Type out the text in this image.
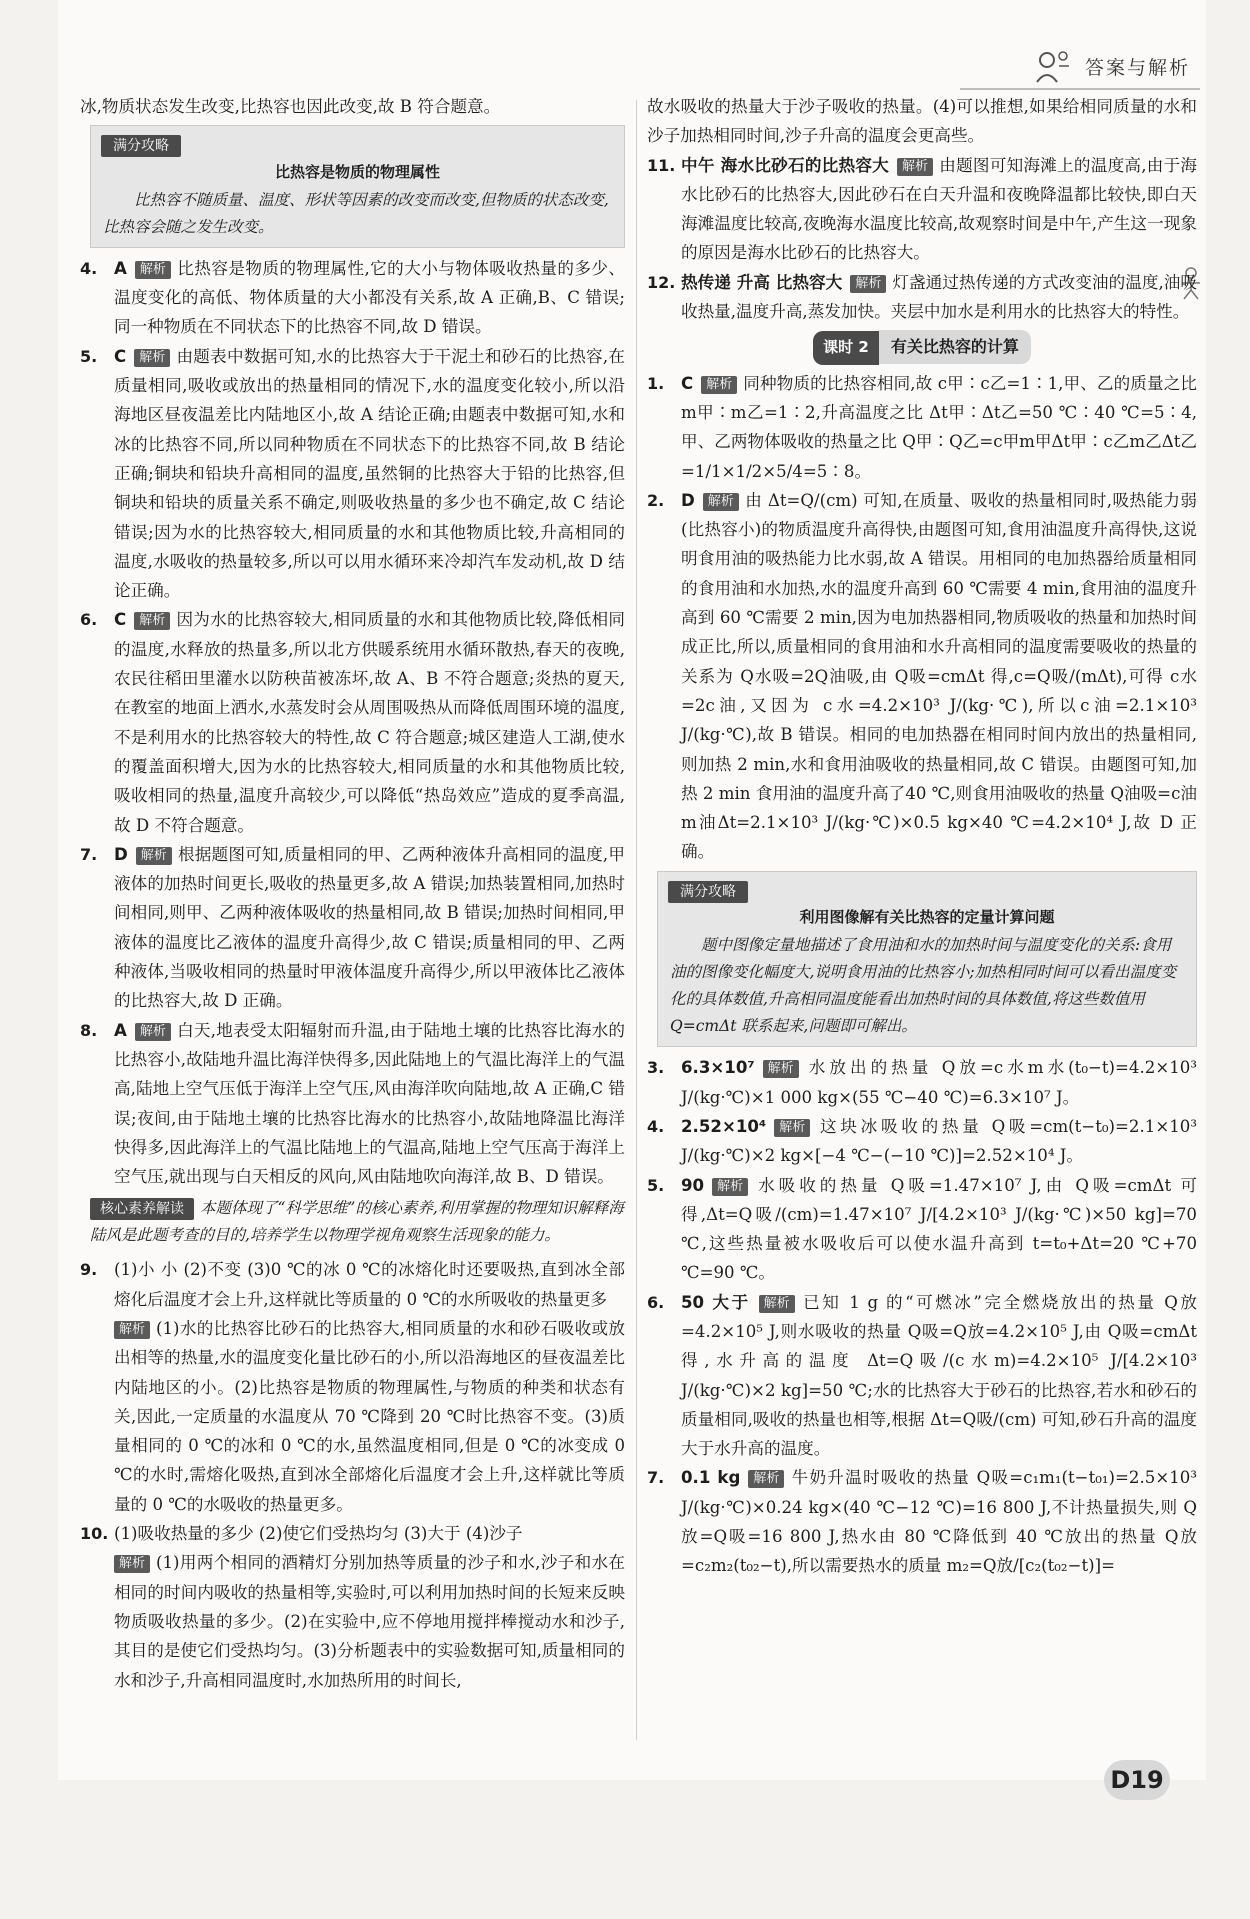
答案与解析

冰,物质状态发生改变,比热容也因此改变,故 B 符合题意。

满分攻略
比热容是物质的物理属性
比热容不随质量、温度、形状等因素的改变而改变,但物质的状态改变,比热容会随之发生改变。

4. A 解析 比热容是物质的物理属性,它的大小与物体吸收热量的多少、温度变化的高低、物体质量的大小都没有关系,故 A 正确,B、C 错误;同一种物质在不同状态下的比热容不同,故 D 错误。

5. C 解析 由题表中数据可知,水的比热容大于干泥土和砂石的比热容,在质量相同,吸收或放出的热量相同的情况下,水的温度变化较小,所以沿海地区昼夜温差比内陆地区小,故 A 结论正确;由题表中数据可知,水和冰的比热容不同,所以同种物质在不同状态下的比热容不同,故 B 结论正确;铜块和铅块升高相同的温度,虽然铜的比热容大于铅的比热容,但铜块和铅块的质量关系不确定,则吸收热量的多少也不确定,故 C 结论错误;因为水的比热容较大,相同质量的水和其他物质比较,升高相同的温度,水吸收的热量较多,所以可以用水循环来冷却汽车发动机,故 D 结论正确。

6. C 解析 因为水的比热容较大,相同质量的水和其他物质比较,降低相同的温度,水释放的热量多,所以北方供暖系统用水循环散热,春天的夜晚,农民往稻田里灌水以防秧苗被冻坏,故 A、B 不符合题意;炎热的夏天,在教室的地面上洒水,水蒸发时会从周围吸热从而降低周围环境的温度,不是利用水的比热容较大的特性,故 C 符合题意;城区建造人工湖,使水的覆盖面积增大,因为水的比热容较大,相同质量的水和其他物质比较,吸收相同的热量,温度升高较少,可以降低“热岛效应”造成的夏季高温,故 D 不符合题意。

7. D 解析 根据题图可知,质量相同的甲、乙两种液体升高相同的温度,甲液体的加热时间更长,吸收的热量更多,故 A 错误;加热装置相同,加热时间相同,则甲、乙两种液体吸收的热量相同,故 B 错误;加热时间相同,甲液体的温度比乙液体的温度升高得少,故 C 错误;质量相同的甲、乙两种液体,当吸收相同的热量时甲液体温度升高得少,所以甲液体比乙液体的比热容大,故 D 正确。

8. A 解析 白天,地表受太阳辐射而升温,由于陆地土壤的比热容比海水的比热容小,故陆地升温比海洋快得多,因此陆地上的气温比海洋上的气温高,陆地上空气压低于海洋上空气压,风由海洋吹向陆地,故 A 正确,C 错误;夜间,由于陆地土壤的比热容比海水的比热容小,故陆地降温比海洋快得多,因此海洋上的气温比陆地上的气温高,陆地上空气压高于海洋上空气压,就出现与白天相反的风向,风由陆地吹向海洋,故 B、D 错误。

核心素养解读 本题体现了“科学思维”的核心素养,利用掌握的物理知识解释海陆风是此题考查的目的,培养学生以物理学视角观察生活现象的能力。

9. (1)小 小 (2)不变 (3)0 ℃的冰 0 ℃的冰熔化时还要吸热,直到冰全部熔化后温度才会上升,这样就比等质量的 0 ℃的水所吸收的热量更多

解析 (1)水的比热容比砂石的比热容大,相同质量的水和砂石吸收或放出相等的热量,水的温度变化量比砂石的小,所以沿海地区的昼夜温差比内陆地区的小。(2)比热容是物质的物理属性,与物质的种类和状态有关,因此,一定质量的水温度从 70 ℃降到 20 ℃时比热容不变。(3)质量相同的 0 ℃的冰和 0 ℃的水,虽然温度相同,但是 0 ℃的冰变成 0 ℃的水时,需熔化吸热,直到冰全部熔化后温度才会上升,这样就比等质量的 0 ℃的水吸收的热量更多。

10. (1)吸收热量的多少 (2)使它们受热均匀 (3)大于 (4)沙子

解析 (1)用两个相同的酒精灯分别加热等质量的沙子和水,沙子和水在相同的时间内吸收的热量相等,实验时,可以利用加热时间的长短来反映物质吸收热量的多少。(2)在实验中,应不停地用搅拌棒搅动水和沙子,其目的是使它们受热均匀。(3)分析题表中的实验数据可知,质量相同的水和沙子,升高相同温度时,水加热所用的时间长,

故水吸收的热量大于沙子吸收的热量。(4)可以推想,如果给相同质量的水和沙子加热相同时间,沙子升高的温度会更高些。

11. 中午 海水比砂石的比热容大 解析 由题图可知海滩上的温度高,由于海水比砂石的比热容大,因此砂石在白天升温和夜晚降温都比较快,即白天海滩温度比较高,夜晚海水温度比较高,故观察时间是中午,产生这一现象的原因是海水比砂石的比热容大。

12. 热传递 升高 比热容大 解析 灯盏通过热传递的方式改变油的温度,油吸收热量,温度升高,蒸发加快。夹层中加水是利用水的比热容大的特性。

课时 2 有关比热容的计算

1. C 解析 同种物质的比热容相同,故 c甲∶c乙=1∶1,甲、乙的质量之比m甲∶m乙=1∶2,升高温度之比 Δt甲∶Δt乙=50 ℃∶40 ℃=5∶4,甲、乙两物体吸收的热量之比 Q甲∶Q乙=c甲m甲Δt甲∶c乙m乙Δt乙=1/1×1/2×5/4=5∶8。

2. D 解析 由 Δt=Q/(cm) 可知,在质量、吸收的热量相同时,吸热能力弱(比热容小)的物质温度升高得快,由题图可知,食用油温度升高得快,这说明食用油的吸热能力比水弱,故 A 错误。用相同的电加热器给质量相同的食用油和水加热,水的温度升高到 60 ℃需要 4 min,食用油的温度升高到 60 ℃需要 2 min,因为电加热器相同,物质吸收的热量和加热时间成正比,所以,质量相同的食用油和水升高相同的温度需要吸收的热量的关系为 Q水吸=2Q油吸,由 Q吸=cmΔt 得,c=Q吸/(mΔt),可得 c水=2c油,又因为 c水=4.2×10³ J/(kg·℃),所以c油=2.1×10³ J/(kg·℃),故 B 错误。相同的电加热器在相同时间内放出的热量相同,则加热 2 min,水和食用油吸收的热量相同,故 C 错误。由题图可知,加热 2 min 食用油的温度升高了40 ℃,则食用油吸收的热量 Q油吸=c油m油Δt=2.1×10³ J/(kg·℃)×0.5 kg×40 ℃=4.2×10⁴ J,故 D 正确。

满分攻略
利用图像解有关比热容的定量计算问题
题中图像定量地描述了食用油和水的加热时间与温度变化的关系:食用油的图像变化幅度大,说明食用油的比热容小;加热相同时间可以看出温度变化的具体数值,升高相同温度能看出加热时间的具体数值,将这些数值用 Q=cmΔt 联系起来,问题即可解出。

3. 6.3×10⁷ 解析 水放出的热量 Q放=c水m水(t₀−t)=4.2×10³ J/(kg·℃)×1 000 kg×(55 ℃−40 ℃)=6.3×10⁷ J。

4. 2.52×10⁴ 解析 这块冰吸收的热量 Q吸=cm(t−t₀)=2.1×10³ J/(kg·℃)×2 kg×[−4 ℃−(−10 ℃)]=2.52×10⁴ J。

5. 90 解析 水吸收的热量 Q吸=1.47×10⁷ J,由 Q吸=cmΔt 可得,Δt=Q吸/(cm)=1.47×10⁷ J/[4.2×10³ J/(kg·℃)×50 kg]=70 ℃,这些热量被水吸收后可以使水温升高到 t=t₀+Δt=20 ℃+70 ℃=90 ℃。

6. 50 大于 解析 已知 1 g 的“可燃冰”完全燃烧放出的热量 Q放=4.2×10⁵ J,则水吸收的热量 Q吸=Q放=4.2×10⁵ J,由 Q吸=cmΔt 得,水升高的温度 Δt=Q吸/(c水m)=4.2×10⁵ J/[4.2×10³ J/(kg·℃)×2 kg]=50 ℃;水的比热容大于砂石的比热容,若水和砂石的质量相同,吸收的热量也相等,根据 Δt=Q吸/(cm) 可知,砂石升高的温度大于水升高的温度。

7. 0.1 kg 解析 牛奶升温时吸收的热量 Q吸=c₁m₁(t−t₀₁)=2.5×10³ J/(kg·℃)×0.24 kg×(40 ℃−12 ℃)=16 800 J,不计热量损失,则 Q放=Q吸=16 800 J,热水由 80 ℃降低到 40 ℃放出的热量 Q放=c₂m₂(t₀₂−t),所以需要热水的质量 m₂=Q放/[c₂(t₀₂−t)]=

D19
